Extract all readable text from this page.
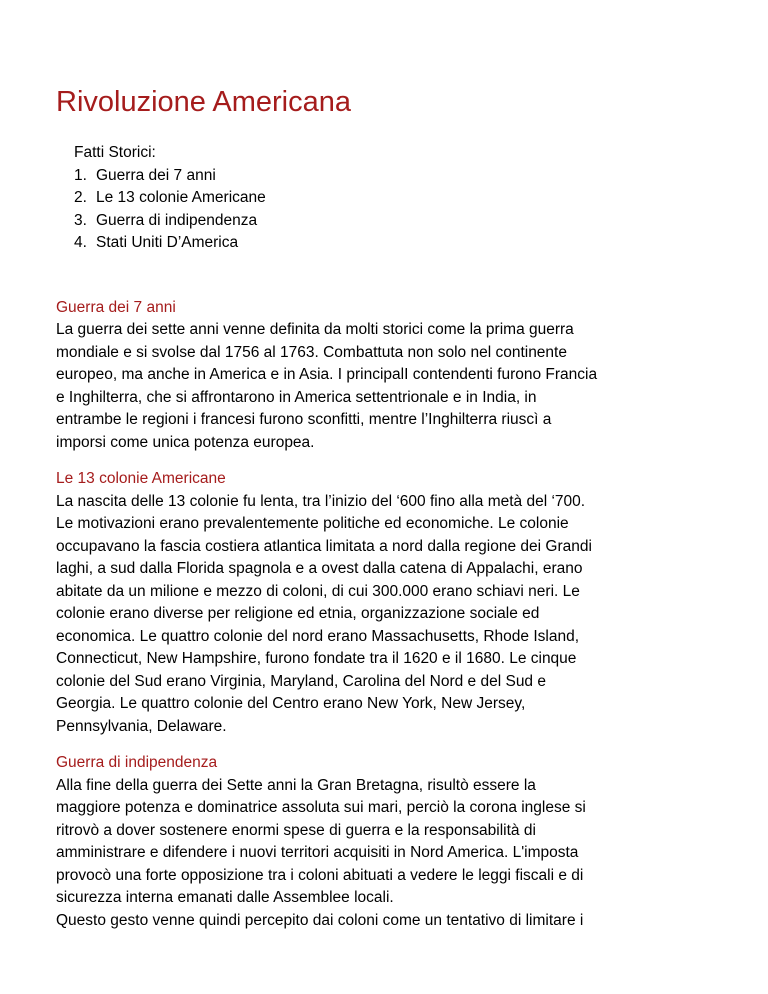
Rivoluzione Americana
Fatti Storici:
1. Guerra dei 7 anni
2. Le 13 colonie Americane
3. Guerra di indipendenza
4. Stati Uniti D’America
Guerra dei 7 anni

La guerra dei sette anni venne definita da molti storici come la prima guerra
mondiale e si svolse dal 1756 al 1763. Combattuta non solo nel continente
europeo, ma anche in America e in Asia. I principalI contendenti furono Francia
e Inghilterra, che si affrontarono in America settentrionale e in India, in
entrambe le regioni i francesi furono sconfitti, mentre l’Inghilterra riuscì a
imporsi come unica potenza europea.

Le 13 colonie Americane

La nascita delle 13 colonie fu lenta, tra l’inizio del ‘600 fino alla metà del ‘700.
Le motivazioni erano prevalentemente politiche ed economiche. Le colonie
occupavano la fascia costiera atlantica limitata a nord dalla regione dei Grandi
laghi, a sud dalla Florida spagnola e a ovest dalla catena di Appalachi, erano
abitate da un milione e mezzo di coloni, di cui 300.000 erano schiavi neri. Le
colonie erano diverse per religione ed etnia, organizzazione sociale ed
economica. Le quattro colonie del nord erano Massachusetts, Rhode Island,
Connecticut, New Hampshire, furono fondate tra il 1620 e il 1680. Le cinque
colonie del Sud erano Virginia, Maryland, Carolina del Nord e del Sud e
Georgia. Le quattro colonie del Centro erano New York, New Jersey,
Pennsylvania, Delaware.

Guerra di indipendenza

Alla fine della guerra dei Sette anni la Gran Bretagna, risultò essere la
maggiore potenza e dominatrice assoluta sui mari, perciò la corona inglese si
ritrovò a dover sostenere enormi spese di guerra e la responsabilità di
amministrare e difendere i nuovi territori acquisiti in Nord America. L'imposta
provocò una forte opposizione tra i coloni abituati a vedere le leggi fiscali e di
sicurezza interna emanati dalle Assemblee locali.
Questo gesto venne quindi percepito dai coloni come un tentativo di limitare i
